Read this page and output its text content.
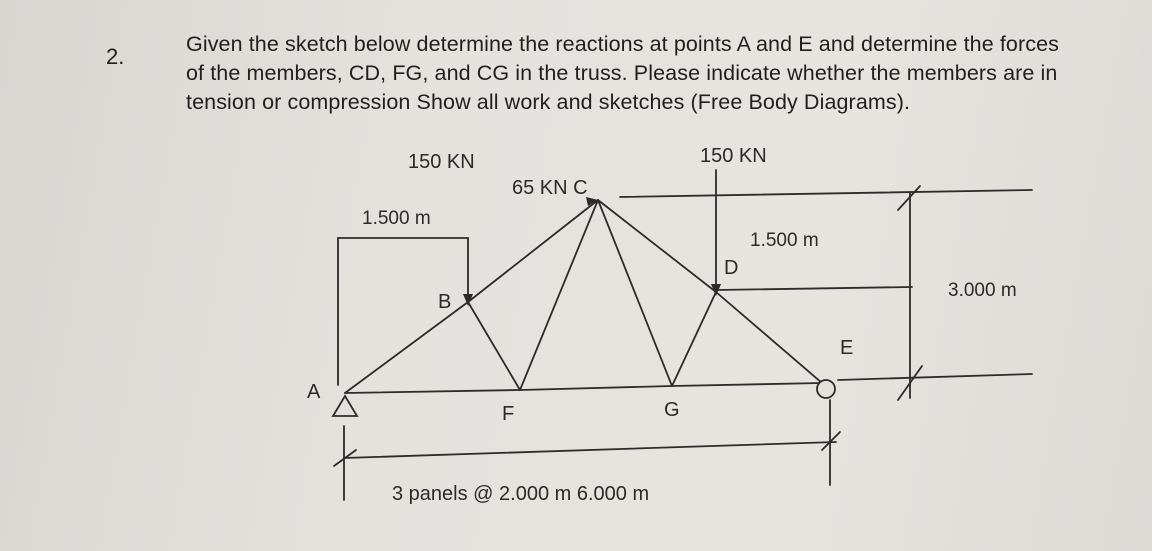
2.	Given the sketch below determine the reactions at points A and E and determine the forces of the members, CD, FG, and CG in the truss. Please indicate whether the members are in tension or compression Show all work and sketches (Free Body Diagrams).
150 KN
65 KN C
150 KN
1.500 m
1.500 m
3.000 m
A
B
D
E
F	G
3 panels @ 2.000 m 6.000 m
